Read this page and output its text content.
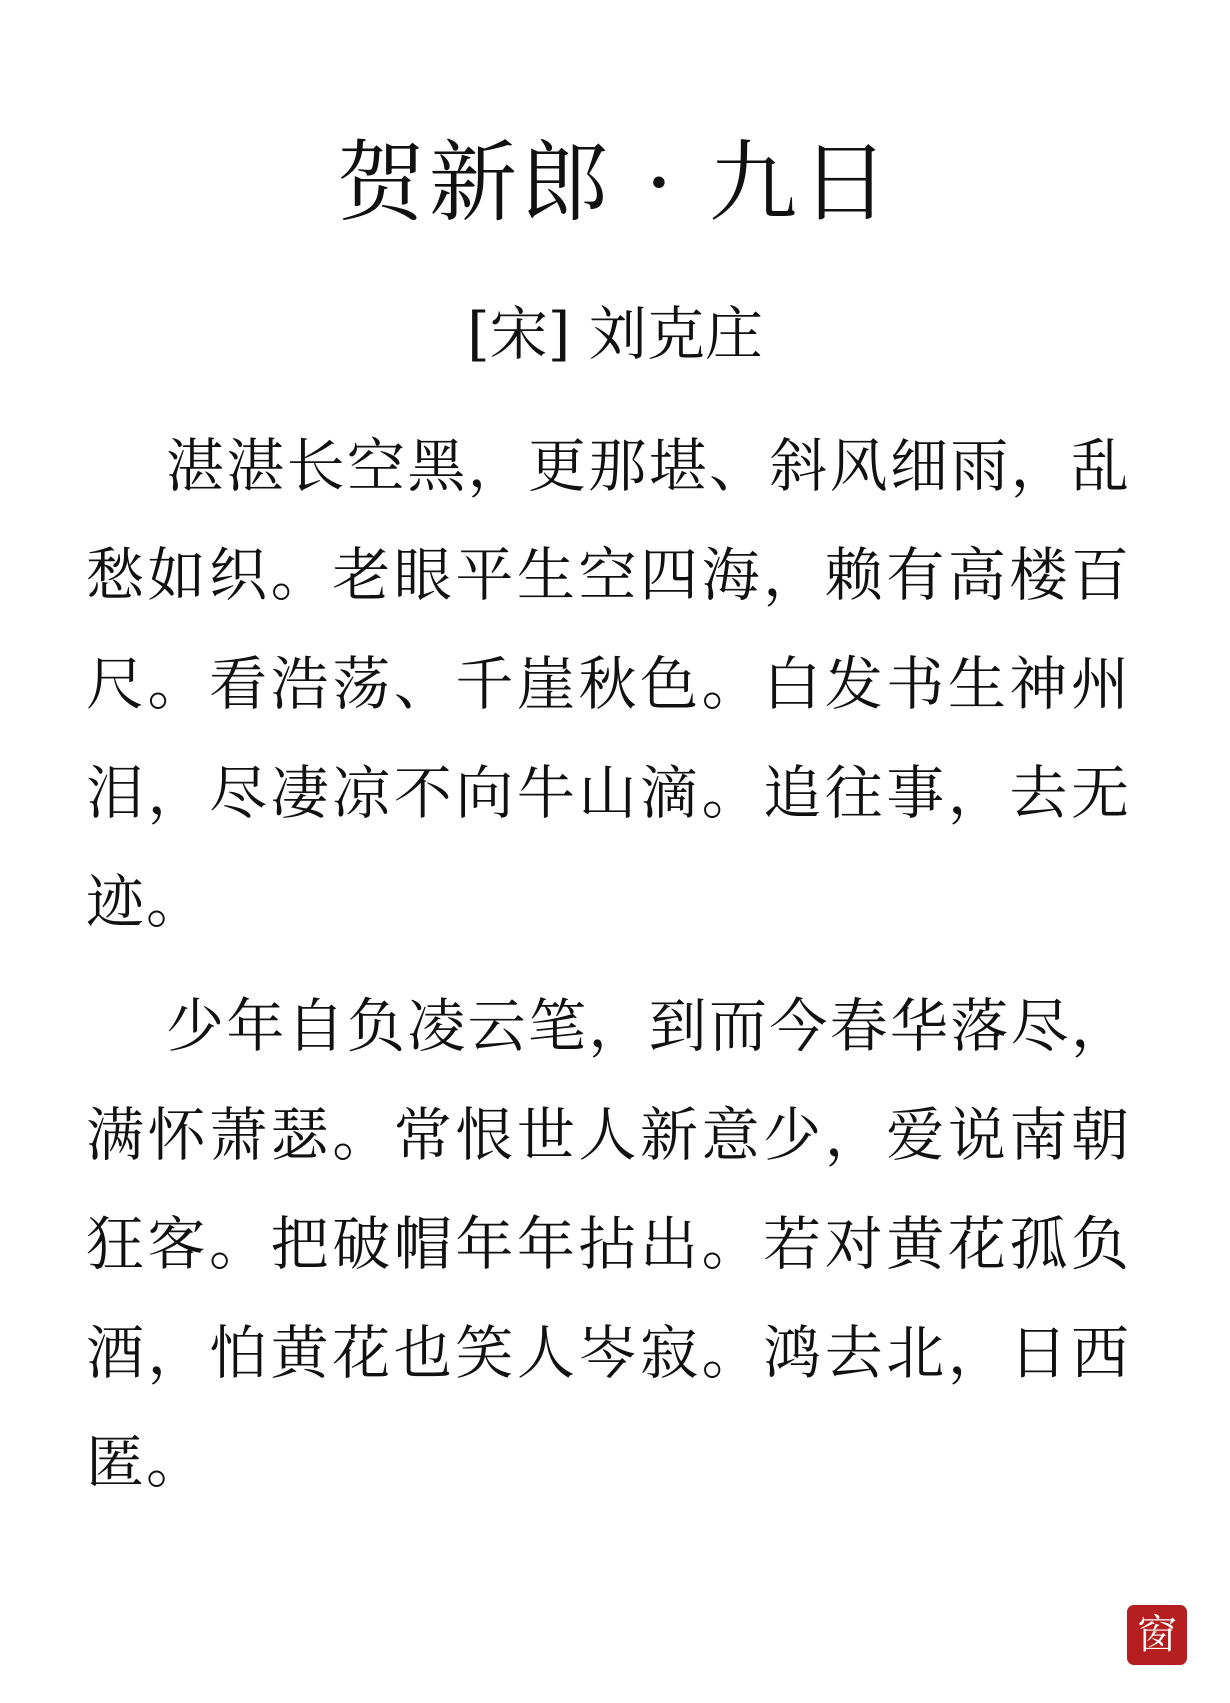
贺新郎 · 九日

[宋] 刘克庄

湛湛长空黑，更那堪、斜风细雨，乱愁如织。老眼平生空四海，赖有高楼百尺。看浩荡、千崖秋色。白发书生神州泪，尽凄凉不向牛山滴。追往事，去无迹。

少年自负凌云笔，到而今春华落尽，满怀萧瑟。常恨世人新意少，爱说南朝狂客。把破帽年年拈出。若对黄花孤负酒，怕黄花也笑人岑寂。鸿去北，日西匿。

窗
